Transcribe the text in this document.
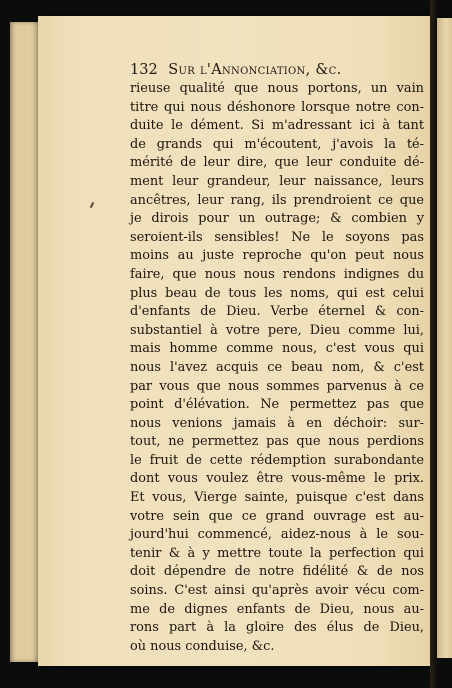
132 Sur l'Annonciation, &c.
rieuse qualité que nous portons, un vain
titre qui nous déshonore lorsque notre con-
duite le dément. Si m'adressant ici à tant
de grands qui m'écoutent, j'avois la té-
mérité de leur dire, que leur conduite dé-
ment leur grandeur, leur naissance, leurs
ancêtres, leur rang, ils prendroient ce que
je dirois pour un outrage; & combien y
seroient-ils sensibles! Ne le soyons pas
moins au juste reproche qu'on peut nous
faire, que nous nous rendons indignes du
plus beau de tous les noms, qui est celui
d'enfants de Dieu. Verbe éternel & con-
substantiel à votre pere, Dieu comme lui,
mais homme comme nous, c'est vous qui
nous l'avez acquis ce beau nom, & c'est
par vous que nous sommes parvenus à ce
point d'élévation. Ne permettez pas que
nous venions jamais à en déchoir: sur-
tout, ne permettez pas que nous perdions
le fruit de cette rédemption surabondante
dont vous voulez être vous-même le prix.
Et vous, Vierge sainte, puisque c'est dans
votre sein que ce grand ouvrage est au-
jourd'hui commencé, aidez-nous à le sou-
tenir & à y mettre toute la perfection qui
doit dépendre de notre fidélité & de nos
soins. C'est ainsi qu'après avoir vécu com-
me de dignes enfants de Dieu, nous au-
rons part à la gloire des élus de Dieu,
où nous conduise, &c.
